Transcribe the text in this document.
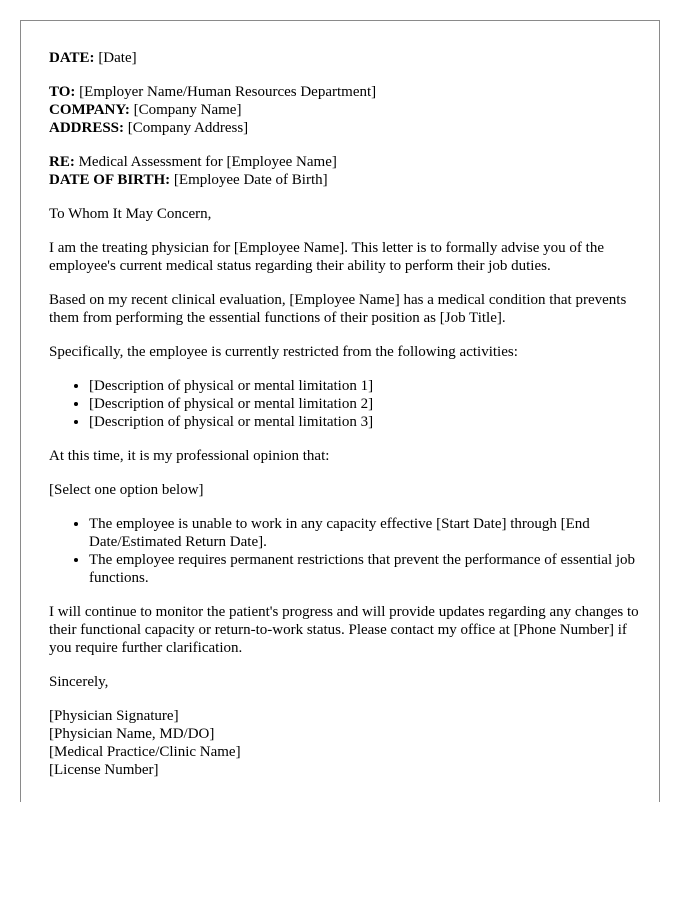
DATE: [Date]

TO: [Employer Name/Human Resources Department]

COMPANY: [Company Name]

ADDRESS: [Company Address]

RE: Medical Assessment for [Employee Name]

DATE OF BIRTH: [Employee Date of Birth]

To Whom It May Concern,

I am the treating physician for [Employee Name]. This letter is to formally advise you of the employee's current medical status regarding their ability to perform their job duties.

Based on my recent clinical evaluation, [Employee Name] has a medical condition that prevents them from performing the essential functions of their position as [Job Title].

Specifically, the employee is currently restricted from the following activities:

• [Description of physical or mental limitation 1]
• [Description of physical or mental limitation 2]
• [Description of physical or mental limitation 3]

At this time, it is my professional opinion that:

[Select one option below]

• The employee is unable to work in any capacity effective [Start Date] through [End Date/Estimated Return Date].
• The employee requires permanent restrictions that prevent the performance of essential job functions.

I will continue to monitor the patient's progress and will provide updates regarding any changes to their functional capacity or return-to-work status. Please contact my office at [Phone Number] if you require further clarification.

Sincerely,

[Physician Signature]

[Physician Name, MD/DO]

[Medical Practice/Clinic Name]

[License Number]
